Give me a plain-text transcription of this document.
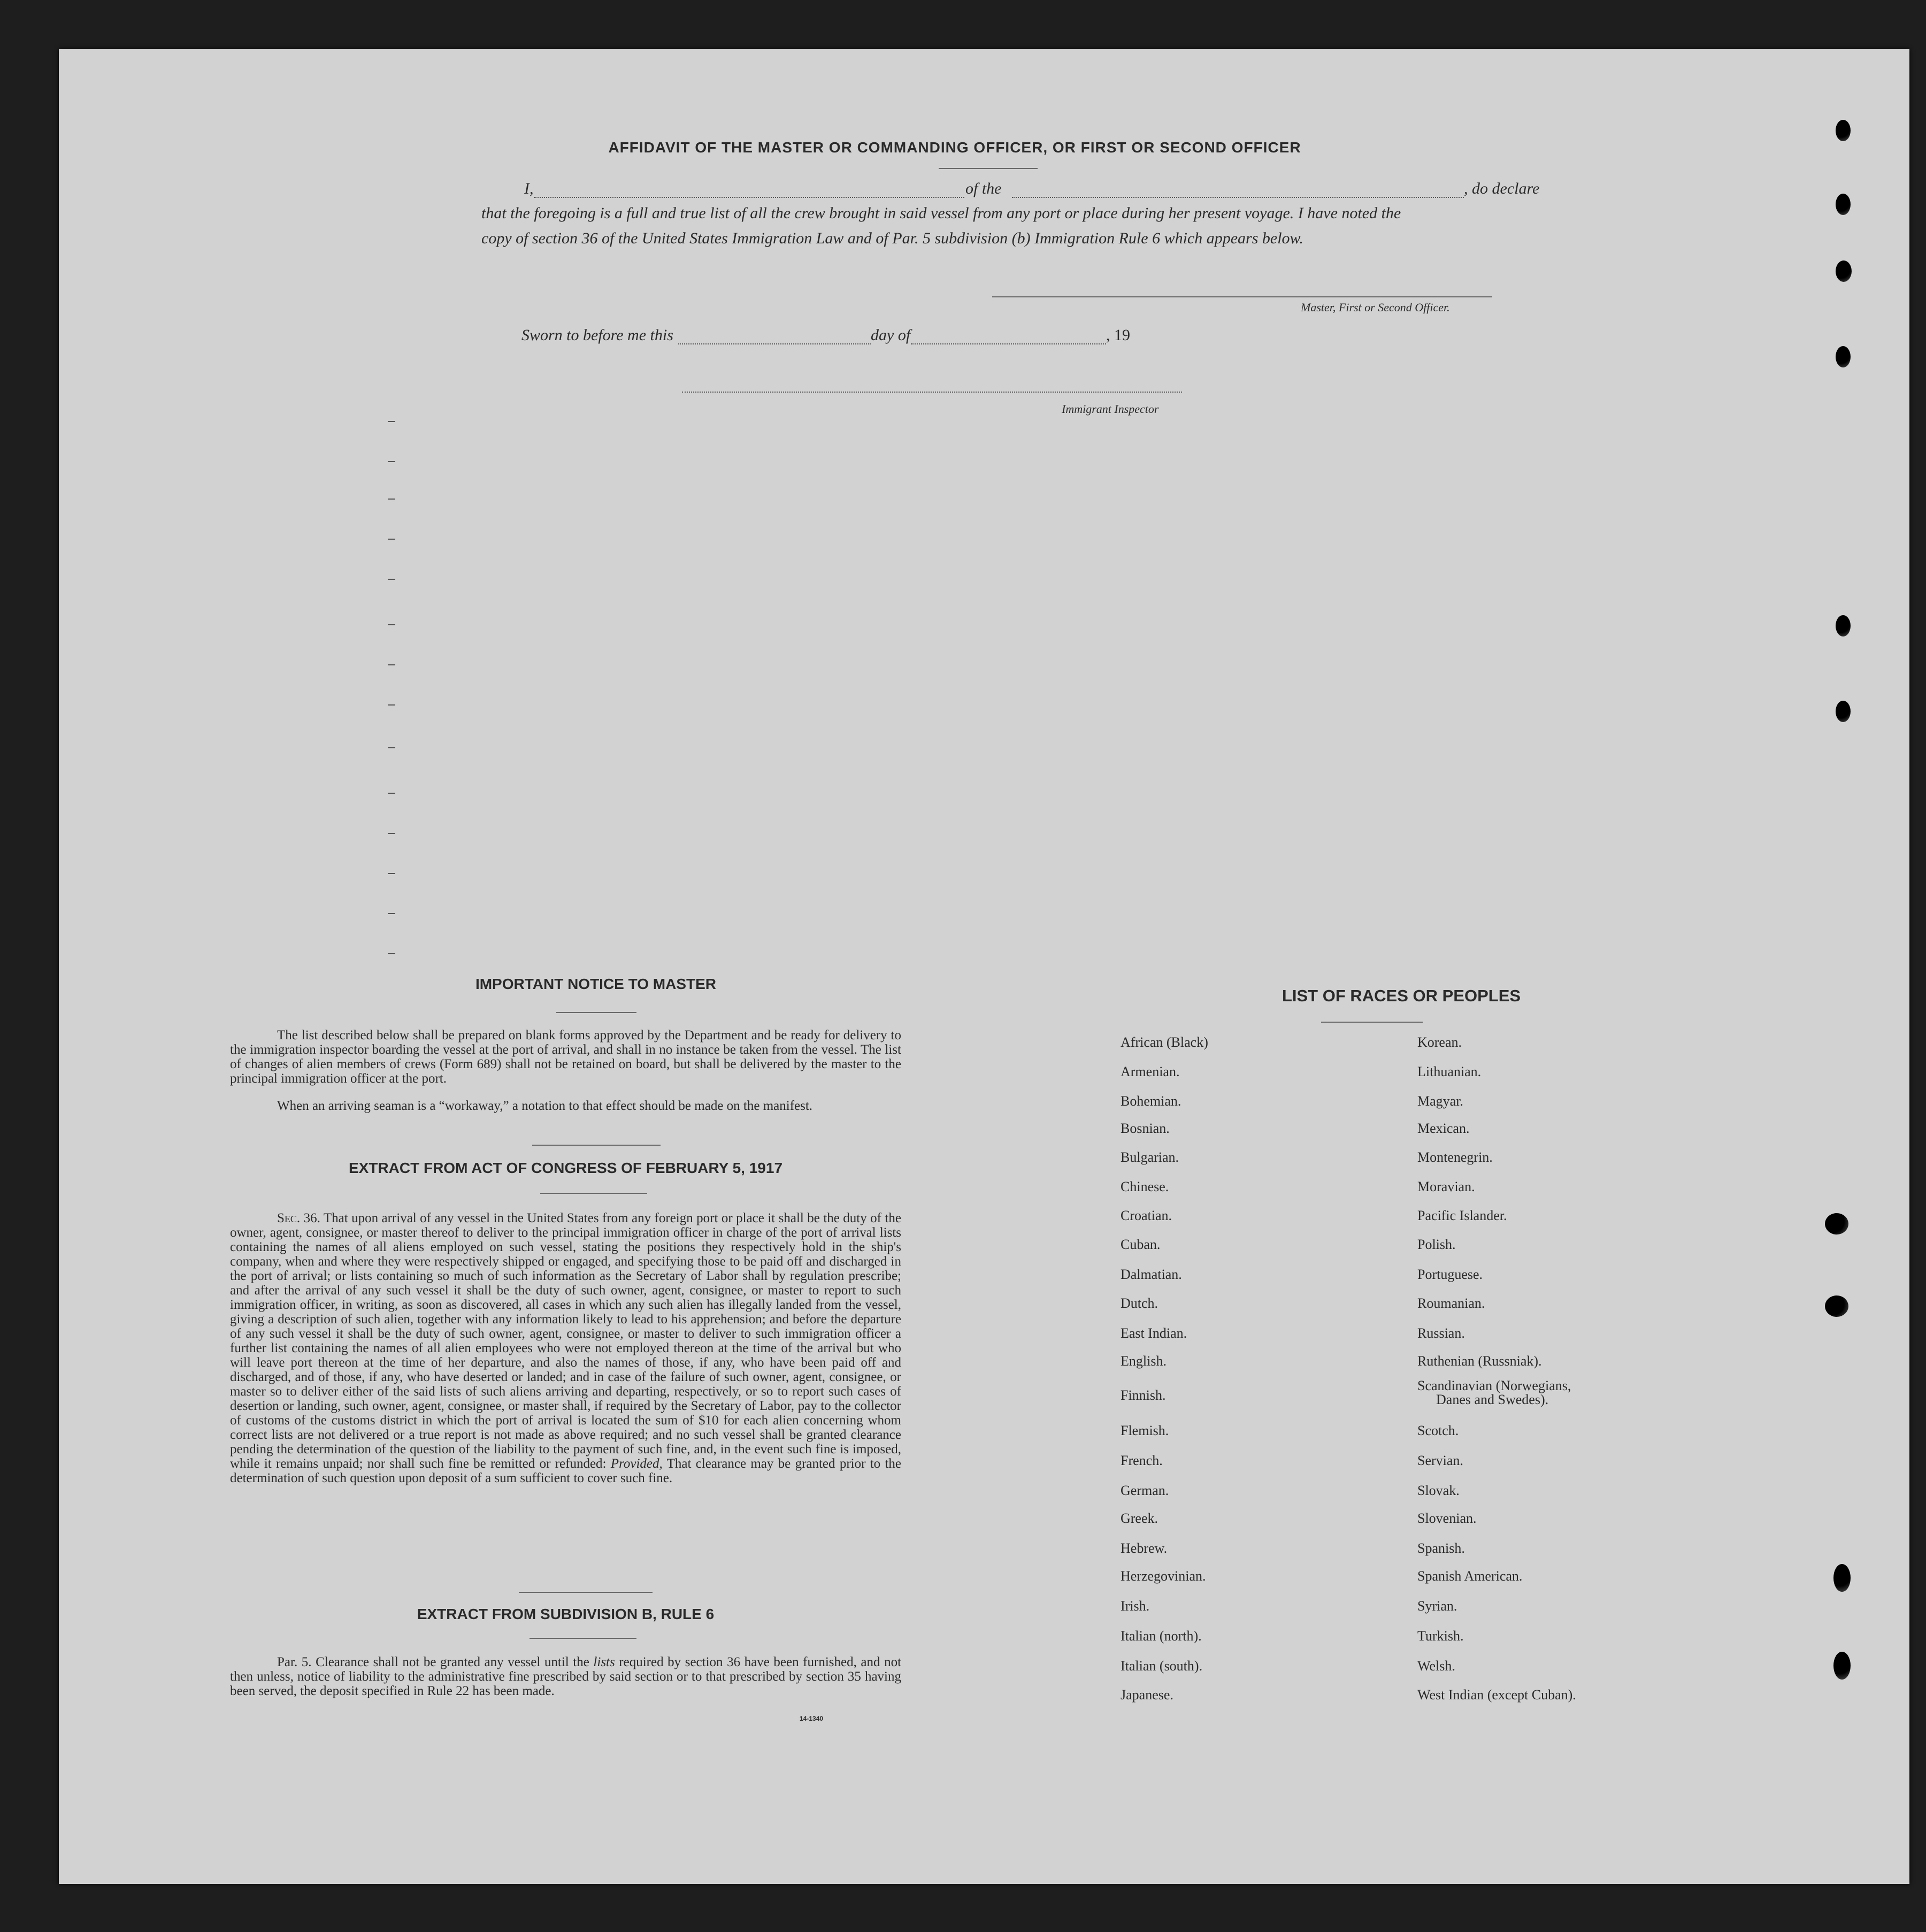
AFFIDAVIT OF THE MASTER OR COMMANDING OFFICER, OR FIRST OR SECOND OFFICER
I,	of the	, do declare
that the foregoing is a full and true list of all the crew brought in said vessel from any port or place during her present voyage. I have noted the
copy of section 36 of the United States Immigration Law and of Par. 5 subdivision (b) Immigration Rule 6 which appears below.
Master, First or Second Officer.
Sworn to before me this	day of	, 19
Immigrant Inspector
IMPORTANT NOTICE TO MASTER
The list described below shall be prepared on blank forms approved by the Department and be ready for delivery to the immigration inspector boarding the vessel at the port of arrival, and shall in no instance be taken from the vessel. The list of changes of alien members of crews (Form 689) shall not be retained on board, but shall be delivered by the master to the principal immigration officer at the port.
When an arriving seaman is a “workaway,” a notation to that effect should be made on the manifest.
EXTRACT FROM ACT OF CONGRESS OF FEBRUARY 5, 1917
Sec. 36. That upon arrival of any vessel in the United States from any foreign port or place it shall be the duty of the owner, agent, consignee, or master thereof to deliver to the principal immigration officer in charge of the port of arrival lists containing the names of all aliens employed on such vessel, stating the positions they respectively hold in the ship's company, when and where they were respectively shipped or engaged, and specifying those to be paid off and discharged in the port of arrival; or lists containing so much of such information as the Secretary of Labor shall by regulation prescribe; and after the arrival of any such vessel it shall be the duty of such owner, agent, consignee, or master to report to such immigration officer, in writing, as soon as discovered, all cases in which any such alien has illegally landed from the vessel, giving a description of such alien, together with any information likely to lead to his apprehension; and before the departure of any such vessel it shall be the duty of such owner, agent, consignee, or master to deliver to such immigration officer a further list containing the names of all alien employees who were not employed thereon at the time of the arrival but who will leave port thereon at the time of her departure, and also the names of those, if any, who have been paid off and discharged, and of those, if any, who have deserted or landed; and in case of the failure of such owner, agent, consignee, or master so to deliver either of the said lists of such aliens arriving and departing, respectively, or so to report such cases of desertion or landing, such owner, agent, consignee, or master shall, if required by the Secretary of Labor, pay to the collector of customs of the customs district in which the port of arrival is located the sum of $10 for each alien concerning whom correct lists are not delivered or a true report is not made as above required; and no such vessel shall be granted clearance pending the determination of the question of the liability to the payment of such fine, and, in the event such fine is imposed, while it remains unpaid; nor shall such fine be remitted or refunded: Provided, That clearance may be granted prior to the determination of such question upon deposit of a sum sufficient to cover such fine.
EXTRACT FROM SUBDIVISION B, RULE 6
Par. 5. Clearance shall not be granted any vessel until the lists required by section 36 have been furnished, and not then unless, notice of liability to the administrative fine prescribed by said section or to that prescribed by section 35 having been served, the deposit specified in Rule 22 has been made.
14-1340
LIST OF RACES OR PEOPLES
African (Black)
Armenian.
Bohemian.
Bosnian.
Bulgarian.
Chinese.
Croatian.
Cuban.
Dalmatian.
Dutch.
East Indian.
English.
Finnish.
Flemish.
French.
German.
Greek.
Hebrew.
Herzegovinian.
Irish.
Italian (north).
Italian (south).
Japanese.
Korean.
Lithuanian.
Magyar.
Mexican.
Montenegrin.
Moravian.
Pacific Islander.
Polish.
Portuguese.
Roumanian.
Russian.
Ruthenian (Russniak).
Scandinavian (Norwegians,
Danes and Swedes).
Scotch.
Servian.
Slovak.
Slovenian.
Spanish.
Spanish American.
Syrian.
Turkish.
Welsh.
West Indian (except Cuban).
